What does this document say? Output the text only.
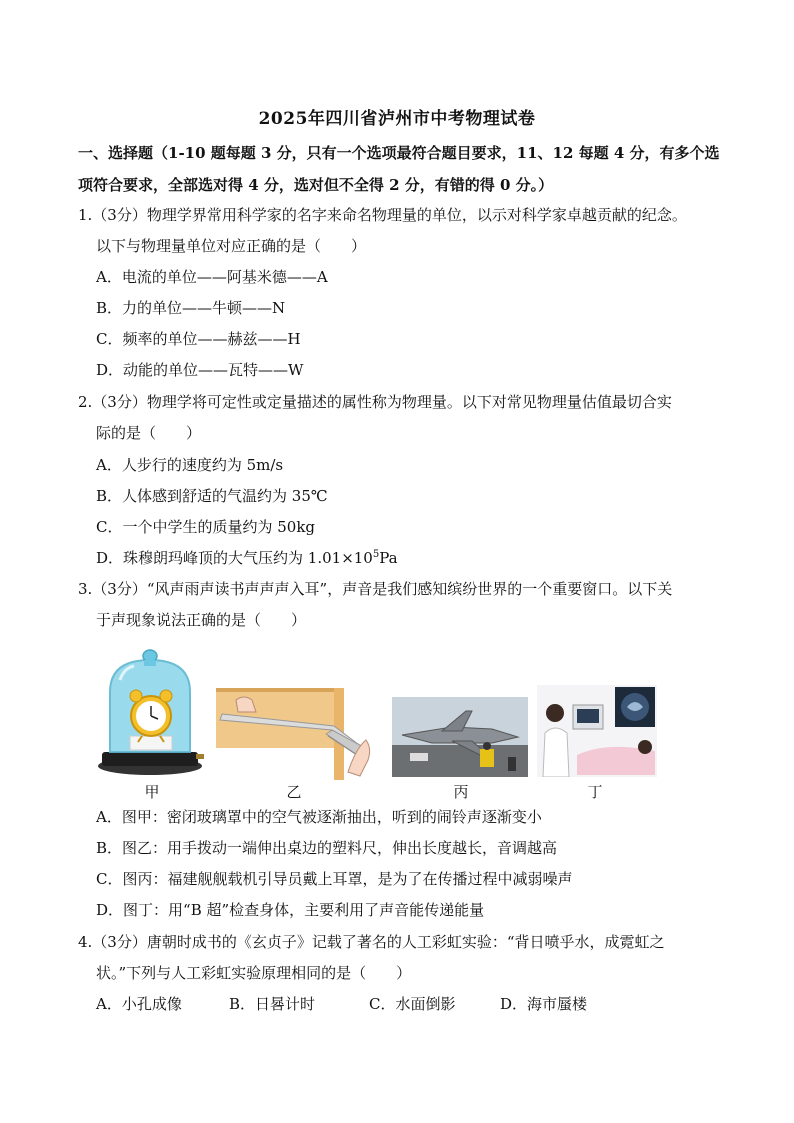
2025年四川省泸州市中考物理试卷
一、选择题（1-10 题每题 3 分，只有一个选项最符合题目要求，11、12 每题 4 分，有多个选
项符合要求，全部选对得 4 分，选对但不全得 2 分，有错的得 0 分。）
1.（3分）物理学界常用科学家的名字来命名物理量的单位，以示对科学家卓越贡献的纪念。
以下与物理量单位对应正确的是（　　）
A．电流的单位——阿基米德——A
B．力的单位——牛顿——N
C．频率的单位——赫兹——H
D．动能的单位——瓦特——W
2.（3分）物理学将可定性或定量描述的属性称为物理量。以下对常见物理量估值最切合实
际的是（　　）
A．人步行的速度约为 5m/s
B．人体感到舒适的气温约为 35℃
C．一个中学生的质量约为 50kg
D．珠穆朗玛峰顶的大气压约为 $1.01\times 10^5Pa$
3.（3分）“风声雨声读书声声声入耳”，声音是我们感知缤纷世界的一个重要窗口。以下关
于声现象说法正确的是（　　）
甲	乙	丙	丁
A．图甲：密闭玻璃罩中的空气被逐渐抽出，听到的闹铃声逐渐变小
B．图乙：用手拨动一端伸出桌边的塑料尺，伸出长度越长，音调越高
C．图丙：福建舰舰载机引导员戴上耳罩，是为了在传播过程中减弱噪声
D．图丁：用“B 超”检查身体，主要利用了声音能传递能量
4.（3分）唐朝时成书的《玄贞子》记载了著名的人工彩虹实验：“背日喷乎水，成霓虹之
状。”下列与人工彩虹实验原理相同的是（　　）
A．小孔成像	B．日晷计时	C．水面倒影	D．海市蜃楼
